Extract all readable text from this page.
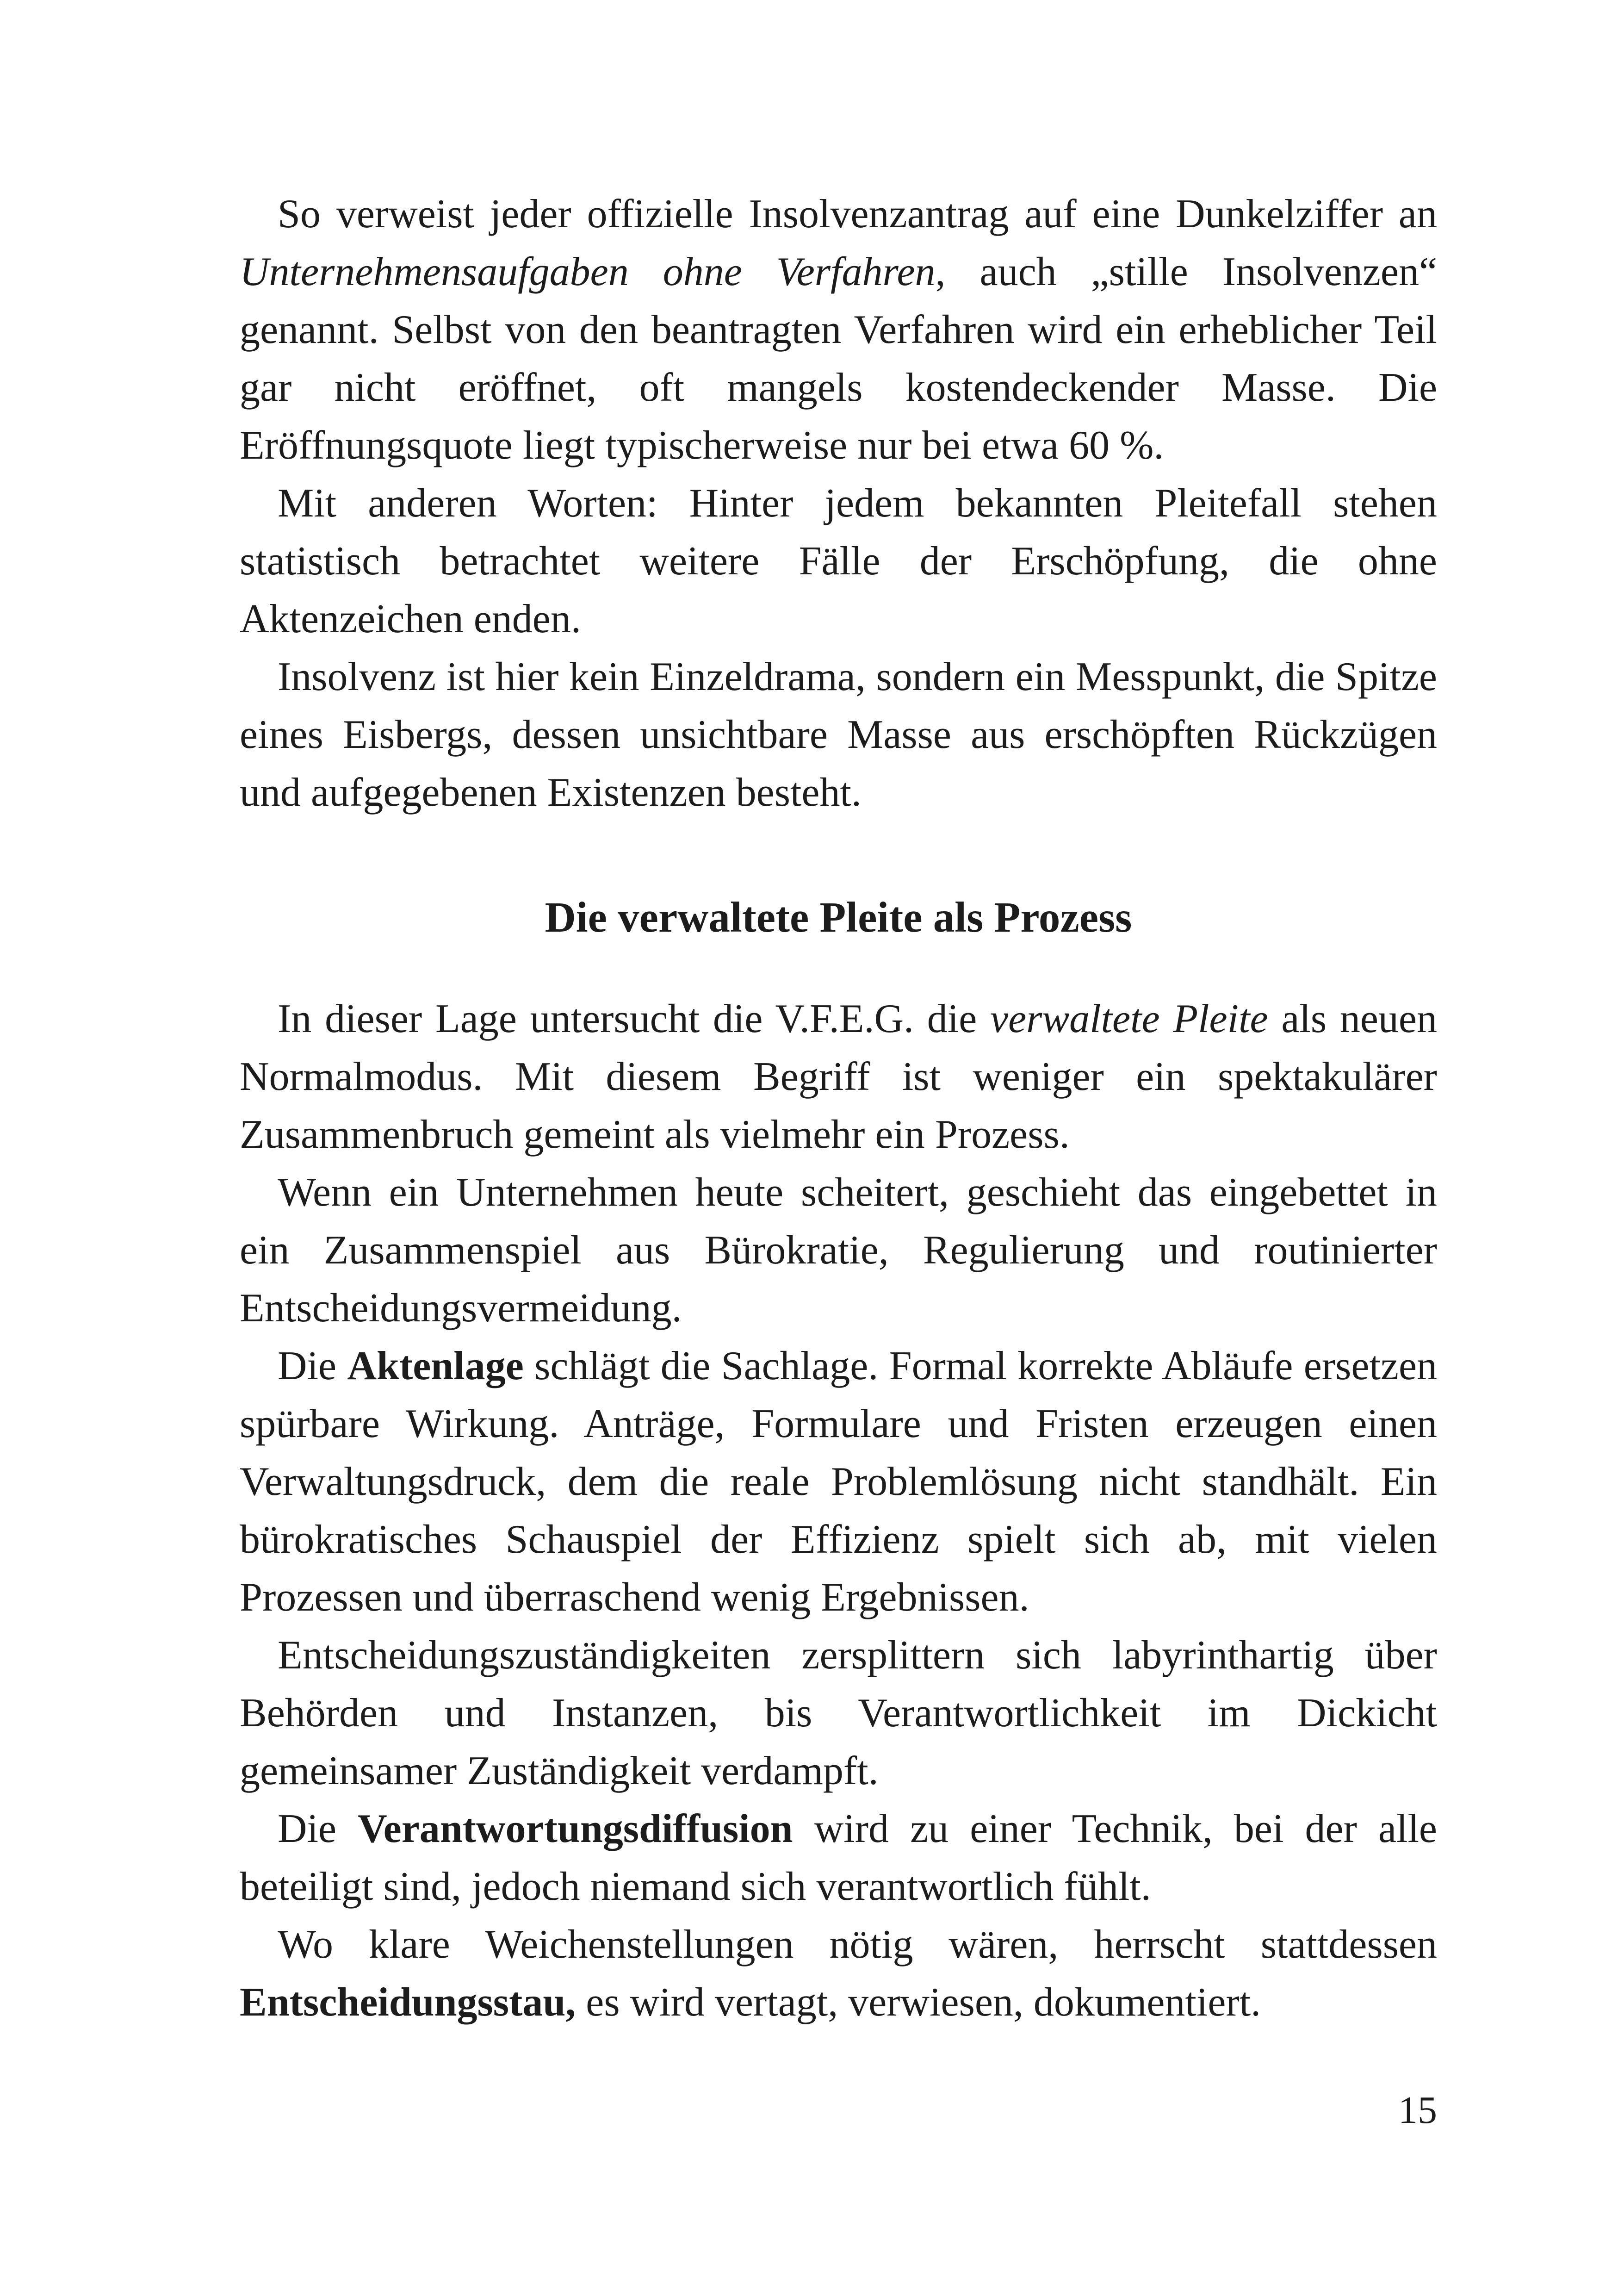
So verweist jeder offizielle Insolvenzantrag auf eine Dunkelziffer an Unternehmensaufgaben ohne Verfahren, auch „stille Insolvenzen“ genannt. Selbst von den beantragten Verfahren wird ein erheblicher Teil gar nicht eröffnet, oft mangels kostendeckender Masse. Die Eröffnungsquote liegt typischerweise nur bei etwa 60 %.

Mit anderen Worten: Hinter jedem bekannten Pleitefall stehen statistisch betrachtet weitere Fälle der Erschöpfung, die ohne Aktenzeichen enden.

Insolvenz ist hier kein Einzeldrama, sondern ein Messpunkt, die Spitze eines Eisbergs, dessen unsichtbare Masse aus erschöpften Rückzügen und aufgegebenen Existenzen besteht.

Die verwaltete Pleite als Prozess

In dieser Lage untersucht die V.F.E.G. die verwaltete Pleite als neuen Normalmodus. Mit diesem Begriff ist weniger ein spektakulärer Zusammenbruch gemeint als vielmehr ein Prozess.

Wenn ein Unternehmen heute scheitert, geschieht das eingebettet in ein Zusammenspiel aus Bürokratie, Regulierung und routinierter Entscheidungsvermeidung.

Die Aktenlage schlägt die Sachlage. Formal korrekte Abläufe ersetzen spürbare Wirkung. Anträge, Formulare und Fristen erzeugen einen Verwaltungsdruck, dem die reale Problemlösung nicht standhält. Ein bürokratisches Schauspiel der Effizienz spielt sich ab, mit vielen Prozessen und überraschend wenig Ergebnissen.

Entscheidungszuständigkeiten zersplittern sich labyrinthartig über Behörden und Instanzen, bis Verantwortlichkeit im Dickicht gemeinsamer Zuständigkeit verdampft.

Die Verantwortungsdiffusion wird zu einer Technik, bei der alle beteiligt sind, jedoch niemand sich verantwortlich fühlt.

Wo klare Weichenstellungen nötig wären, herrscht stattdessen Entscheidungsstau, es wird vertagt, verwiesen, dokumentiert.

15
